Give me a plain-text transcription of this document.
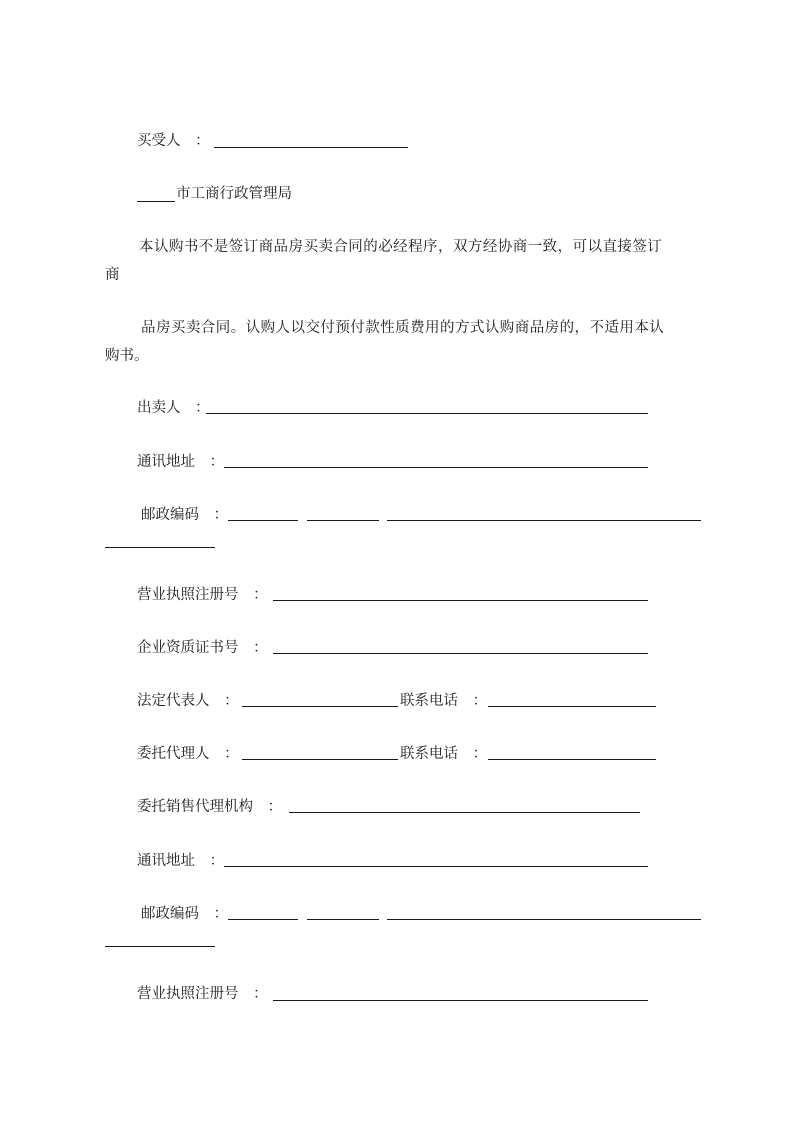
买受人 ：
市工商行政管理局
本认购书不是签订商品房买卖合同的必经程序，双方经协商一致，可以直接签订
商
品房买卖合同。认购人以交付预付款性质费用的方式认购商品房的，不适用本认
购书。
出卖人 ：
通讯地址 ：
邮政编码 ：
营业执照注册号 ：
企业资质证书号 ：
法定代表人 ：	联系电话 ：
委托代理人 ：	联系电话 ：
委托销售代理机构 ：
通讯地址 ：
邮政编码 ：
营业执照注册号 ：
